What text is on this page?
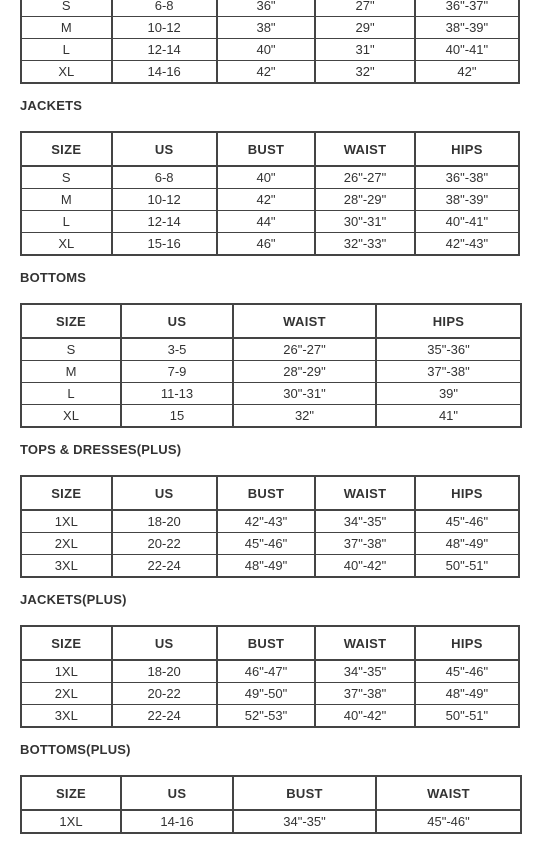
S	6-8	36"	27"	36"-37"
M	10-12	38"	29"	38"-39"
L	12-14	40"	31"	40"-41"
XL	14-16	42"	32"	42"
JACKETS
SIZE	US	BUST	WAIST	HIPS
S	6-8	40"	26"-27"	36"-38"
M	10-12	42"	28"-29"	38"-39"
L	12-14	44"	30"-31"	40"-41"
XL	15-16	46"	32"-33"	42"-43"
BOTTOMS
SIZE	US	WAIST	HIPS
S	3-5	26"-27"	35"-36"
M	7-9	28"-29"	37"-38"
L	11-13	30"-31"	39"
XL	15	32"	41"
TOPS & DRESSES(PLUS)
SIZE	US	BUST	WAIST	HIPS
1XL	18-20	42"-43"	34"-35"	45"-46"
2XL	20-22	45"-46"	37"-38"	48"-49"
3XL	22-24	48"-49"	40"-42"	50"-51"
JACKETS(PLUS)
SIZE	US	BUST	WAIST	HIPS
1XL	18-20	46"-47"	34"-35"	45"-46"
2XL	20-22	49"-50"	37"-38"	48"-49"
3XL	22-24	52"-53"	40"-42"	50"-51"
BOTTOMS(PLUS)
SIZE	US	BUST	WAIST
1XL	14-16	34"-35"	45"-46"
